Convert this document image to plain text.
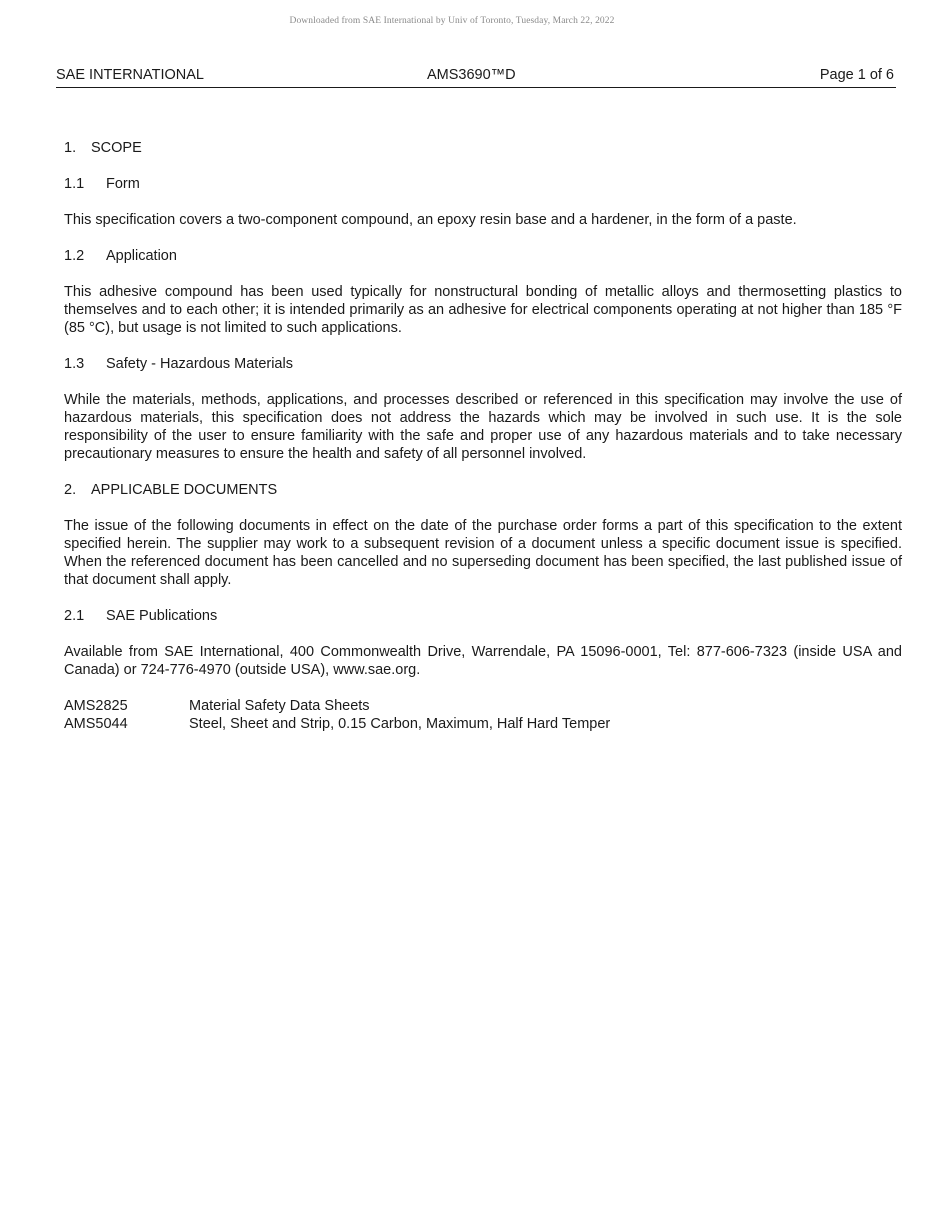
Downloaded from SAE International by Univ of Toronto, Tuesday, March 22, 2022
SAE INTERNATIONAL	AMS3690™D	Page 1 of 6
1. SCOPE
1.1 Form

This specification covers a two-component compound, an epoxy resin base and a hardener, in the form of a paste.

1.2 Application

This adhesive compound has been used typically for nonstructural bonding of metallic alloys and thermosetting plastics to themselves and to each other; it is intended primarily as an adhesive for electrical components operating at not higher than 185 °F (85 °C), but usage is not limited to such applications.

1.3 Safety - Hazardous Materials

While the materials, methods, applications, and processes described or referenced in this specification may involve the use of hazardous materials, this specification does not address the hazards which may be involved in such use. It is the sole responsibility of the user to ensure familiarity with the safe and proper use of any hazardous materials and to take necessary precautionary measures to ensure the health and safety of all personnel involved.

2. APPLICABLE DOCUMENTS

The issue of the following documents in effect on the date of the purchase order forms a part of this specification to the extent specified herein. The supplier may work to a subsequent revision of a document unless a specific document issue is specified. When the referenced document has been cancelled and no superseding document has been specified, the last published issue of that document shall apply.

2.1 SAE Publications

Available from SAE International, 400 Commonwealth Drive, Warrendale, PA 15096-0001, Tel: 877-606-7323 (inside USA and Canada) or 724-776-4970 (outside USA), www.sae.org.

AMS2825	Material Safety Data Sheets
AMS5044	Steel, Sheet and Strip, 0.15 Carbon, Maximum, Half Hard Temper
